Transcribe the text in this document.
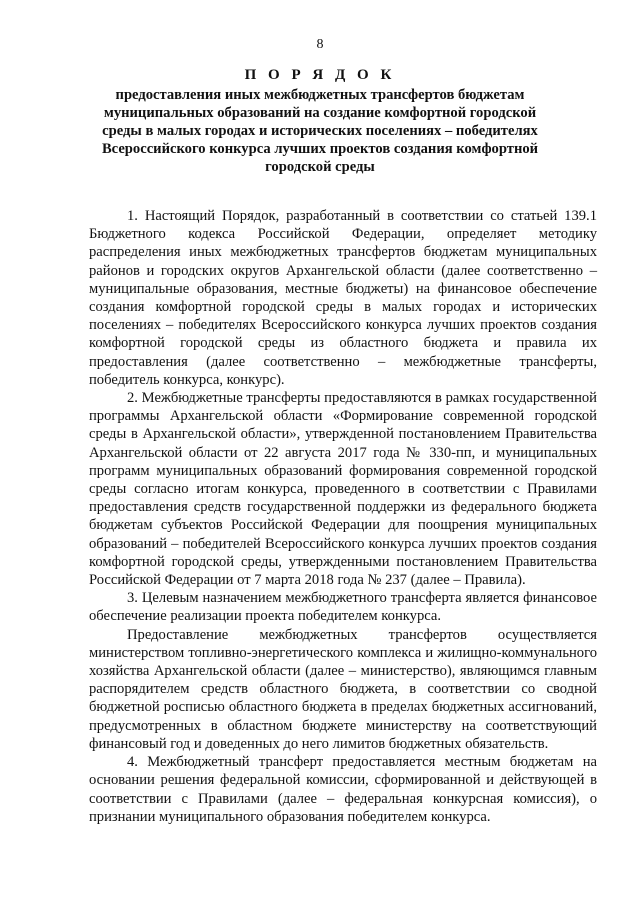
8
П О Р Я Д О К
предоставления иных межбюджетных трансфертов бюджетам муниципальных образований на создание комфортной городской среды в малых городах и исторических поселениях – победителях Всероссийского конкурса лучших проектов создания комфортной городской среды

1. Настоящий Порядок, разработанный в соответствии со статьей 139.1 Бюджетного кодекса Российской Федерации, определяет методику распределения иных межбюджетных трансфертов бюджетам муниципальных районов и городских округов Архангельской области (далее соответственно – муниципальные образования, местные бюджеты) на финансовое обеспечение создания комфортной городской среды в малых городах и исторических поселениях – победителях Всероссийского конкурса лучших проектов создания комфортной городской среды из областного бюджета и правила их предоставления (далее соответственно – межбюджетные трансферты, победитель конкурса, конкурс).

2. Межбюджетные трансферты предоставляются в рамках государственной программы Архангельской области «Формирование современной городской среды в Архангельской области», утвержденной постановлением Правительства Архангельской области от 22 августа 2017 года № 330-пп, и муниципальных программ муниципальных образований формирования современной городской среды согласно итогам конкурса, проведенного в соответствии с Правилами предоставления средств государственной поддержки из федерального бюджета бюджетам субъектов Российской Федерации для поощрения муниципальных образований – победителей Всероссийского конкурса лучших проектов создания комфортной городской среды, утвержденными постановлением Правительства Российской Федерации от 7 марта 2018 года № 237 (далее – Правила).

3. Целевым назначением межбюджетного трансферта является финансовое обеспечение реализации проекта победителем конкурса.

Предоставление межбюджетных трансфертов осуществляется министерством топливно-энергетического комплекса и жилищно-коммунального хозяйства Архангельской области (далее – министерство), являющимся главным распорядителем средств областного бюджета, в соответствии со сводной бюджетной росписью областного бюджета в пределах бюджетных ассигнований, предусмотренных в областном бюджете министерству на соответствующий финансовый год и доведенных до него лимитов бюджетных обязательств.

4. Межбюджетный трансферт предоставляется местным бюджетам на основании решения федеральной комиссии, сформированной и действующей в соответствии с Правилами (далее – федеральная конкурсная комиссия), о признании муниципального образования победителем конкурса.
